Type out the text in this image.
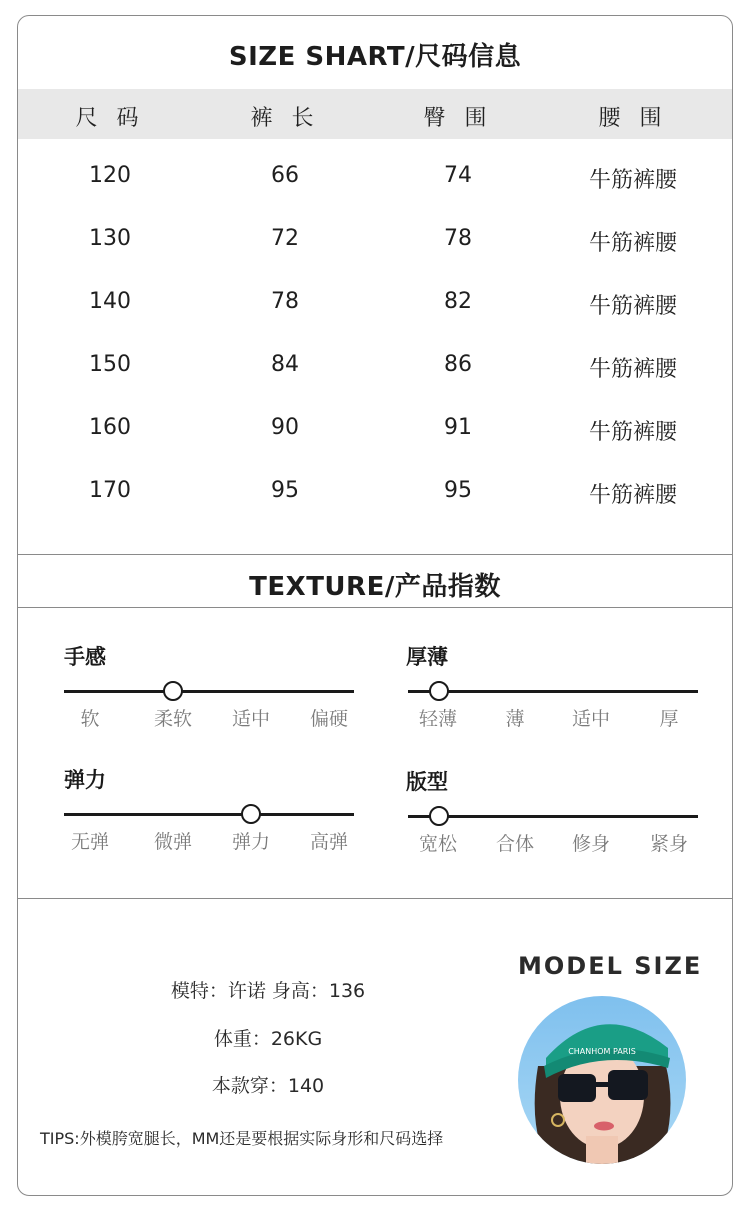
SIZE SHART/尺码信息
尺 码	裤 长	臀 围	腰 围
120	66	74	牛筋裤腰
130	72	78	牛筋裤腰
140	78	82	牛筋裤腰
150	84	86	牛筋裤腰
160	90	91	牛筋裤腰
170	95	95	牛筋裤腰
TEXTURE/产品指数
手感
软	柔软	适中	偏硬
厚薄
轻薄	薄	适中	厚
弹力
无弹	微弹	弹力	高弹
版型
宽松	合体	修身	紧身
模特：许诺 身高：136
体重：26KG
本款穿：140
TIPS:外模胯宽腿长，MM还是要根据实际身形和尺码选择
MODEL SIZE
CHANHOM PARIS
